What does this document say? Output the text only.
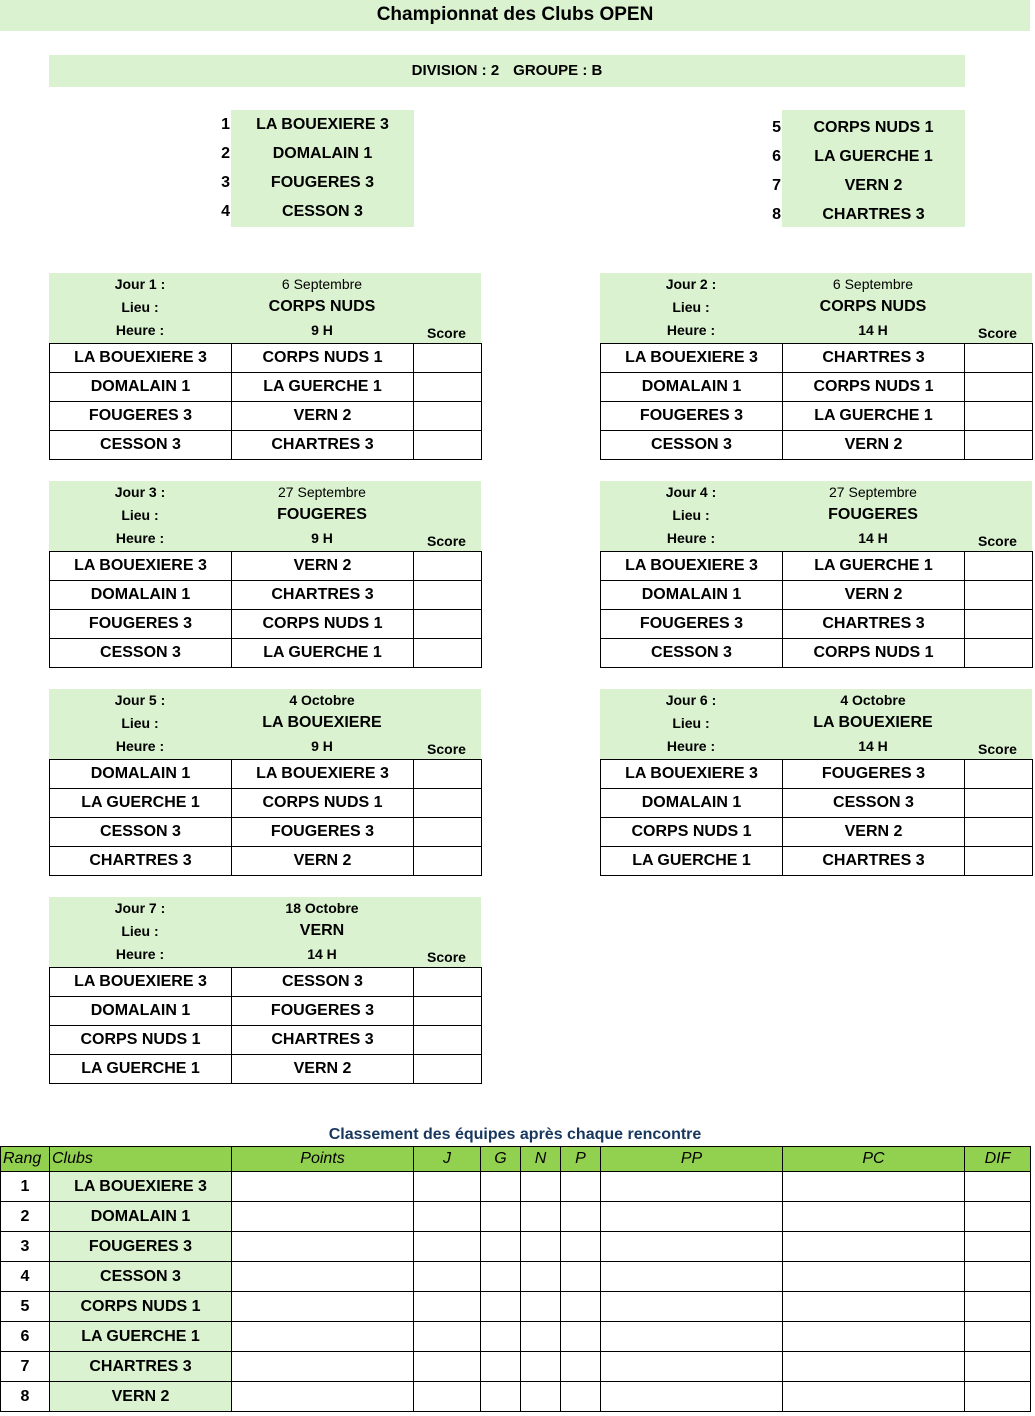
Championnat des Clubs OPEN
DIVISION : 2 GROUPE : B
1	LA BOUEXIERE 3
2	DOMALAIN 1
3	FOUGERES 3
4	CESSON 3
5	CORPS NUDS 1
6	LA GUERCHE 1
7	VERN 2
8	CHARTRES 3
Jour 1 :	6 Septembre
Lieu :	CORPS NUDS
Heure :	9 H	Score
LA BOUEXIERE 3	CORPS NUDS 1	
DOMALAIN 1	LA GUERCHE 1	
FOUGERES 3	VERN 2	
CESSON 3	CHARTRES 3	
Jour 2 :	6 Septembre
Lieu :	CORPS NUDS
Heure :	14 H	Score
LA BOUEXIERE 3	CHARTRES 3	
DOMALAIN 1	CORPS NUDS 1	
FOUGERES 3	LA GUERCHE 1	
CESSON 3	VERN 2	
Jour 3 :	27 Septembre
Lieu :	FOUGERES
Heure :	9 H	Score
LA BOUEXIERE 3	VERN 2	
DOMALAIN 1	CHARTRES 3	
FOUGERES 3	CORPS NUDS 1	
CESSON 3	LA GUERCHE 1	
Jour 4 :	27 Septembre
Lieu :	FOUGERES
Heure :	14 H	Score
LA BOUEXIERE 3	LA GUERCHE 1	
DOMALAIN 1	VERN 2	
FOUGERES 3	CHARTRES 3	
CESSON 3	CORPS NUDS 1	
Jour 5 :	4 Octobre
Lieu :	LA BOUEXIERE
Heure :	9 H	Score
DOMALAIN 1	LA BOUEXIERE 3	
LA GUERCHE 1	CORPS NUDS 1	
CESSON 3	FOUGERES 3	
CHARTRES 3	VERN 2	
Jour 6 :	4 Octobre
Lieu :	LA BOUEXIERE
Heure :	14 H	Score
LA BOUEXIERE 3	FOUGERES 3	
DOMALAIN 1	CESSON 3	
CORPS NUDS 1	VERN 2	
LA GUERCHE 1	CHARTRES 3	
Jour 7 :	18 Octobre
Lieu :	VERN
Heure :	14 H	Score
LA BOUEXIERE 3	CESSON 3	
DOMALAIN 1	FOUGERES 3	
CORPS NUDS 1	CHARTRES 3	
LA GUERCHE 1	VERN 2	
Classement des équipes après chaque rencontre
Rang	Clubs	Points	J	G	N	P	PP	PC	DIF
1	LA BOUEXIERE 3								
2	DOMALAIN 1								
3	FOUGERES 3								
4	CESSON 3								
5	CORPS NUDS 1								
6	LA GUERCHE 1								
7	CHARTRES 3								
8	VERN 2								
